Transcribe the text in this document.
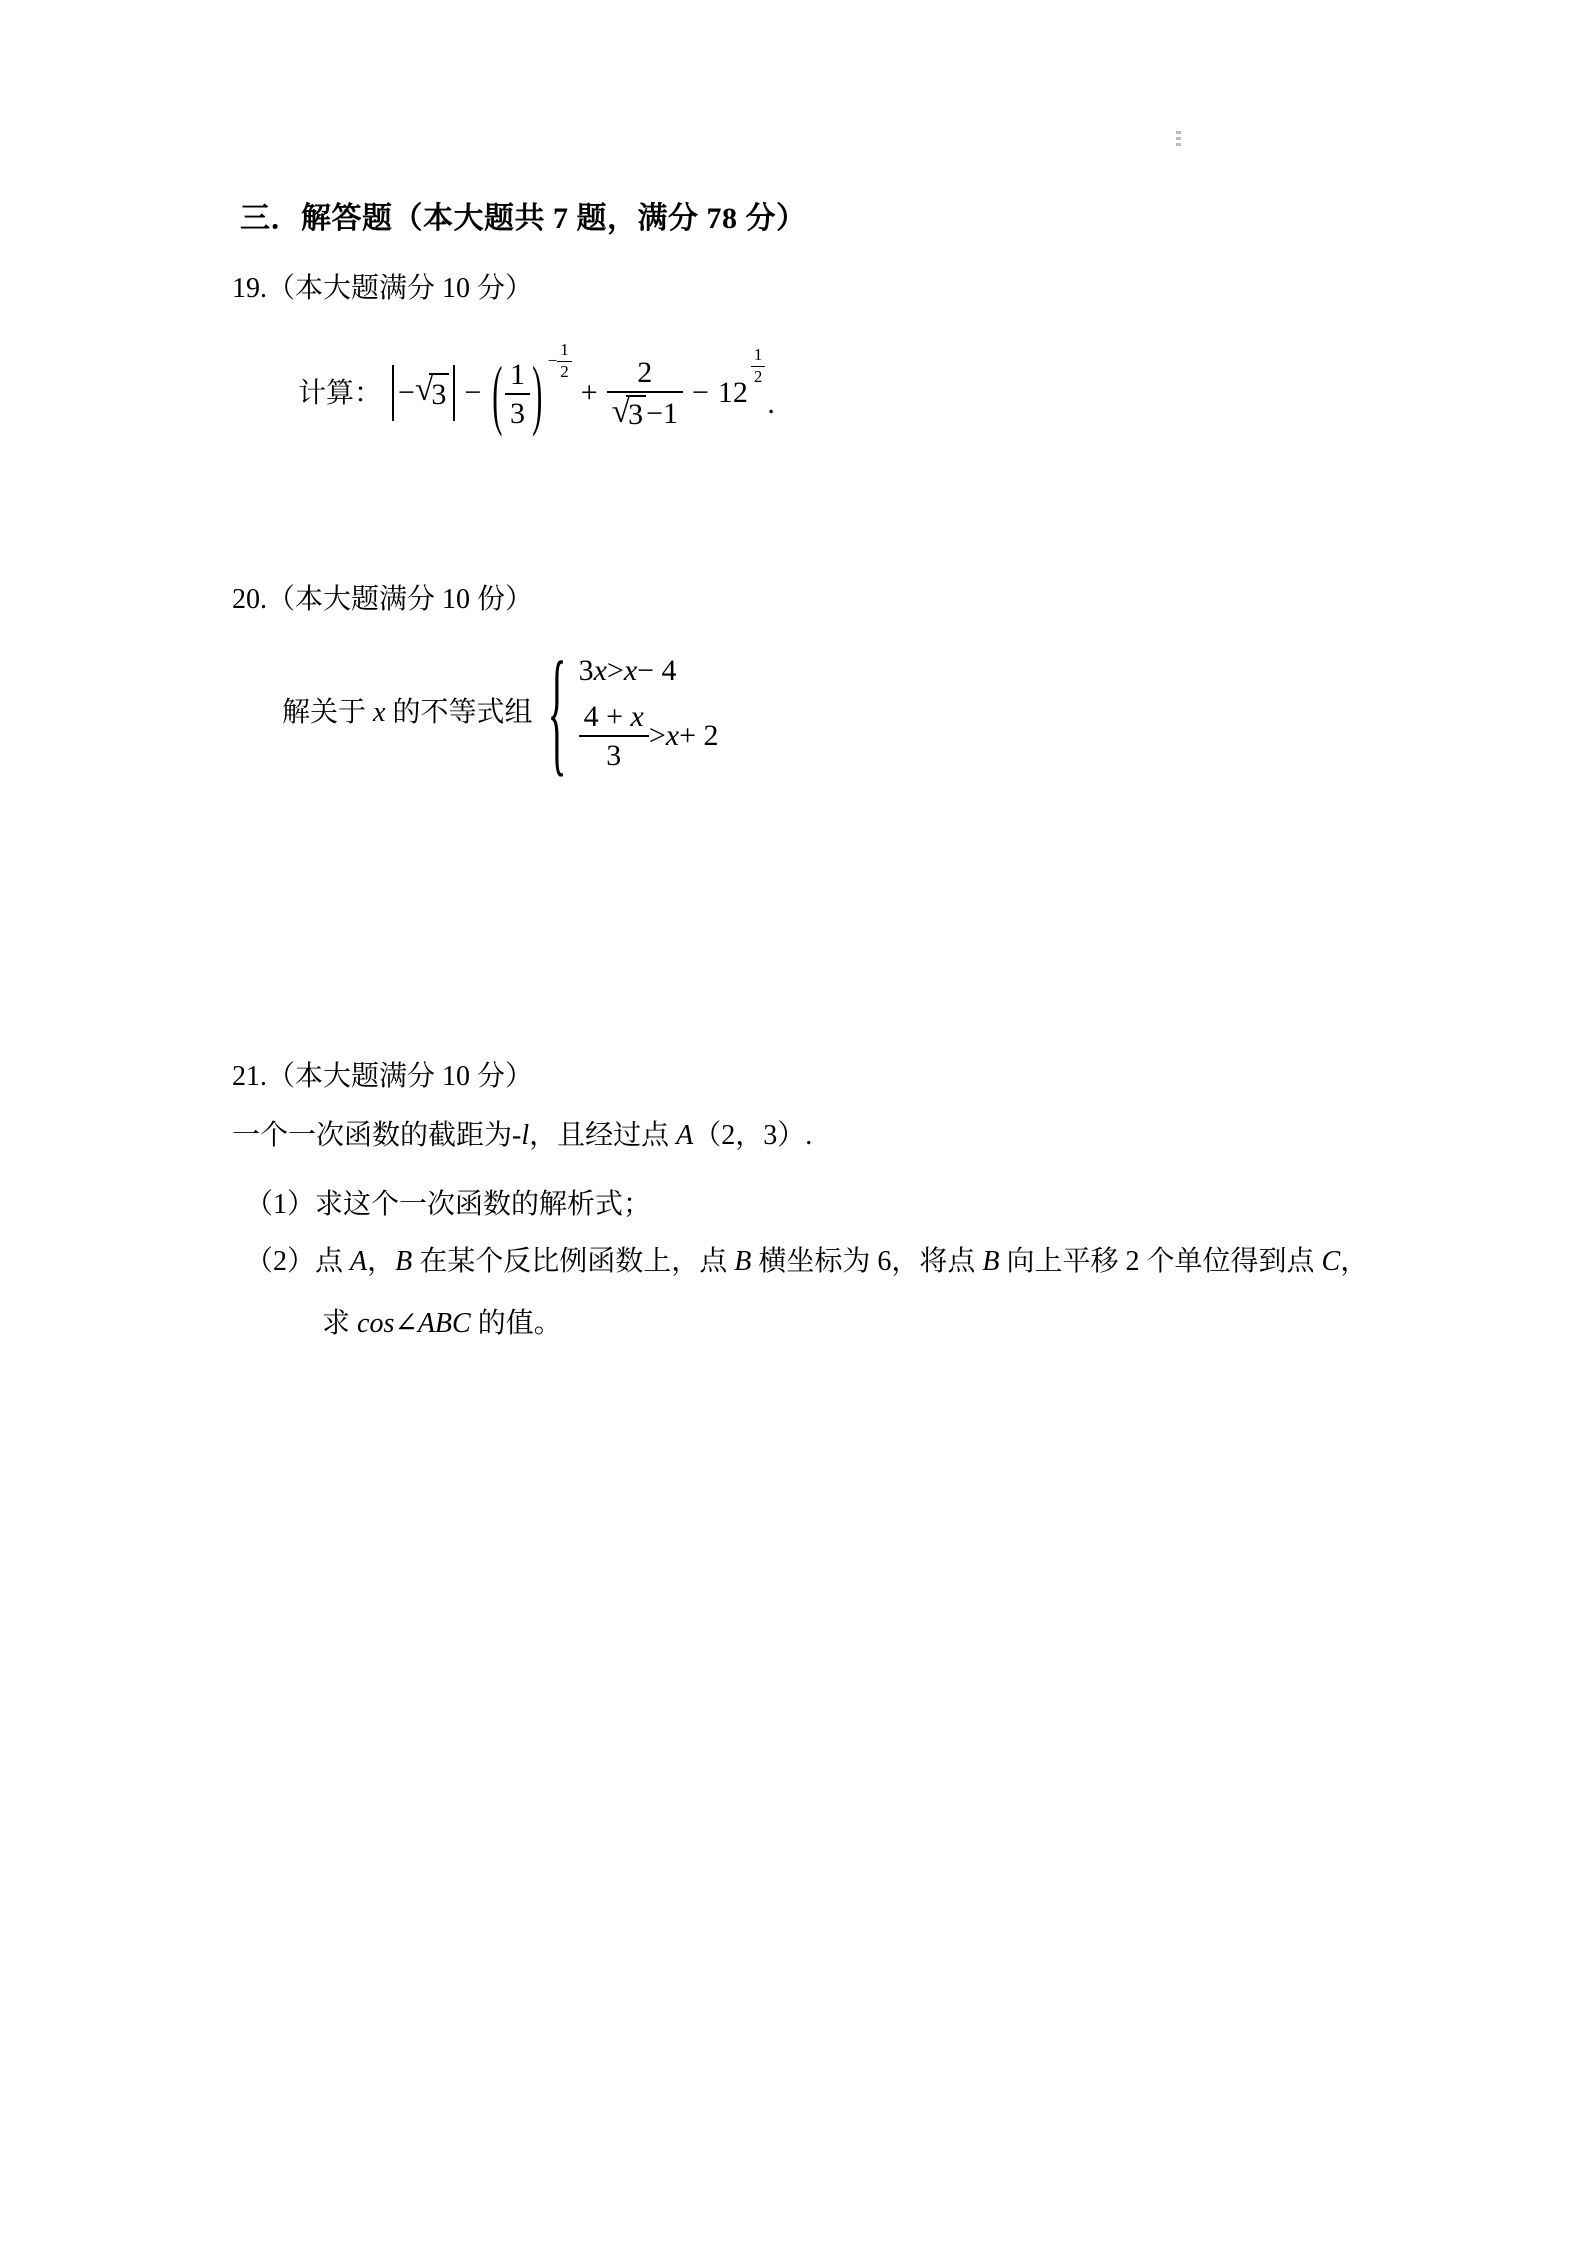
三．解答题（本大题共 7 题，满分 78 分）
19.（本大题满分 10 分）
计算： − √
3 − ( $\frac{1}{3}$ ) − $\frac{1}{2}$
+ 2
√
3 −1 − 12
$\frac{1}{2}$
.
20.（本大题满分 10 份）
解关于 x 的不等式组 { 3 x > x − 4
$\frac{4 + x}{3} > x + 2$
21.（本大题满分 10 分）
一个一次函数的截距为-l，且经过点 A（2，3）.
（1）求这个一次函数的解析式；
（2）点 A，B 在某个反比例函数上，点 B 横坐标为 6，将点 B 向上平移 2 个单位得到点 C，
求 cos∠ABC 的值。
